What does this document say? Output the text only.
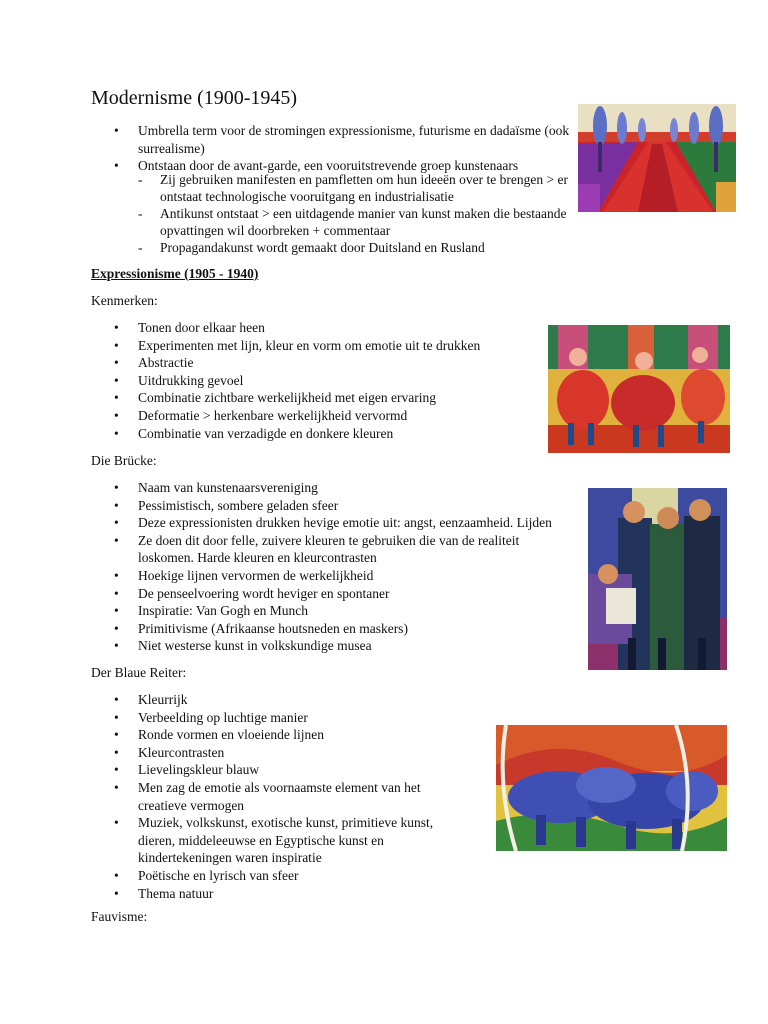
Modernisme (1900-1945)
• Umbrella term voor de stromingen expressionisme, futurisme en dadaïsme (ook surrealisme)
• Ontstaan door de avant-garde, een vooruitstrevende groep kunstenaars
- Zij gebruiken manifesten en pamfletten om hun ideeën over te brengen > er ontstaat technologische vooruitgang en industrialisatie
- Antikunst ontstaat > een uitdagende manier van kunst maken die bestaande opvattingen wil doorbreken + commentaar
- Propagandakunst wordt gemaakt door Duitsland en Rusland

Expressionisme (1905 - 1940)

Kenmerken:

• Tonen door elkaar heen
• Experimenten met lijn, kleur en vorm om emotie uit te drukken
• Abstractie
• Uitdrukking gevoel
• Combinatie zichtbare werkelijkheid met eigen ervaring
• Deformatie > herkenbare werkelijkheid vervormd
• Combinatie van verzadigde en donkere kleuren

Die Brücke:

• Naam van kunstenaarsvereniging
• Pessimistisch, sombere geladen sfeer
• Deze expressionisten drukken hevige emotie uit: angst, eenzaamheid. Lijden
• Ze doen dit door felle, zuivere kleuren te gebruiken die van de realiteit loskomen. Harde kleuren en kleurcontrasten
• Hoekige lijnen vervormen de werkelijkheid
• De penseelvoering wordt heviger en spontaner
• Inspiratie: Van Gogh en Munch
• Primitivisme (Afrikaanse houtsneden en maskers)
• Niet westerse kunst in volkskundige musea

Der Blaue Reiter:

• Kleurrijk
• Verbeelding op luchtige manier
• Ronde vormen en vloeiende lijnen
• Kleurcontrasten
• Lievelingskleur blauw
• Men zag de emotie als voornaamste element van het creatieve vermogen
• Muziek, volkskunst, exotische kunst, primitieve kunst, dieren, middeleeuwse en Egyptische kunst en kindertekeningen waren inspiratie
• Poëtische en lyrisch van sfeer
• Thema natuur

Fauvisme:
